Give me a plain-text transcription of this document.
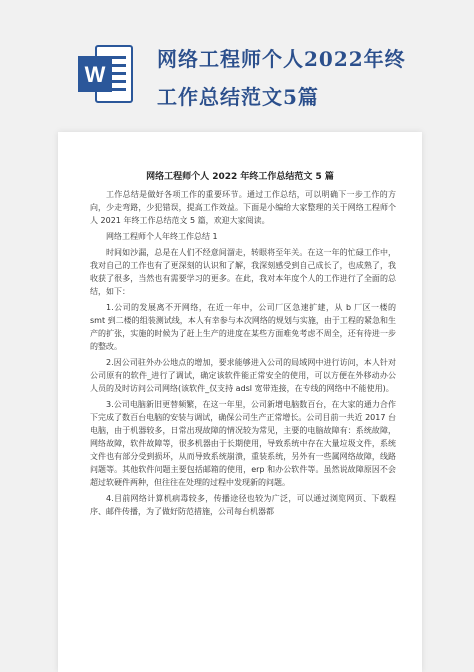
W
网络工程师个人2022年终
工作总结范文5篇
网络工程师个人 2022 年终工作总结范文 5 篇

工作总结是做好各项工作的重要环节。通过工作总结，可以明确下一步工作的方向，少走弯路，少犯错误，提高工作效益。下面是小编给大家整理的关于网络工程师个人 2021 年终工作总结范文 5 篇，欢迎大家阅读。

网络工程师个人年终工作总结 1

时间如沙漏，总是在人们不经意间溜走，转眼将至年关。在这一年的忙碌工作中，我对自己的工作也有了更深刻的认识和了解，我深刻感受到自己成长了，也成熟了，我收获了很多，当然也有需要学习的更多。在此，我对本年度个人的工作进行了全面的总结，如下：

1.公司的发展离不开网络，在近一年中，公司厂区急速扩建，从 b 厂区一楼的 smt 到二楼的组装测试线，本人有幸参与本次网络的规划与实施，由于工程的紧急和生产的扩张，实施的时候为了赶上生产的进度在某些方面难免考虑不周全，还有待进一步的整改。

2.因公司驻外办公地点的增加，要求能够进入公司的局域网中进行访问，本人针对公司原有的软件_进行了调试，确定该软件能正常安全的使用，可以方便在外移动办公人员的及时访问公司网络(该软件_仅支持 adsl 宽带连接，在专线的网络中不能使用)。

3.公司电脑新旧更替频繁，在这一年里，公司新增电脑数百台，在大家的通力合作下完成了数百台电脑的安装与调试，确保公司生产正常增长。公司目前一共近 2017 台电脑，由于机器较多，日常出现故障的情况较为常见，主要的电脑故障有：系统故障，网络故障，软件故障等，很多机器由于长期使用，导致系统中存在大量垃圾文件，系统文件也有部分受到损坏，从而导致系统崩溃，重装系统，另外有一些属网络故障，线路问题等。其他软件问题主要包括邮箱的使用，erp 和办公软件等。虽然说故障原因不会超过软硬件两种，但往往在处理的过程中发现新的问题。

4.目前网络计算机病毒较多，传播途径也较为广泛，可以通过浏览网页、下载程序、邮件传播，为了做好防范措施，公司每台机器都
